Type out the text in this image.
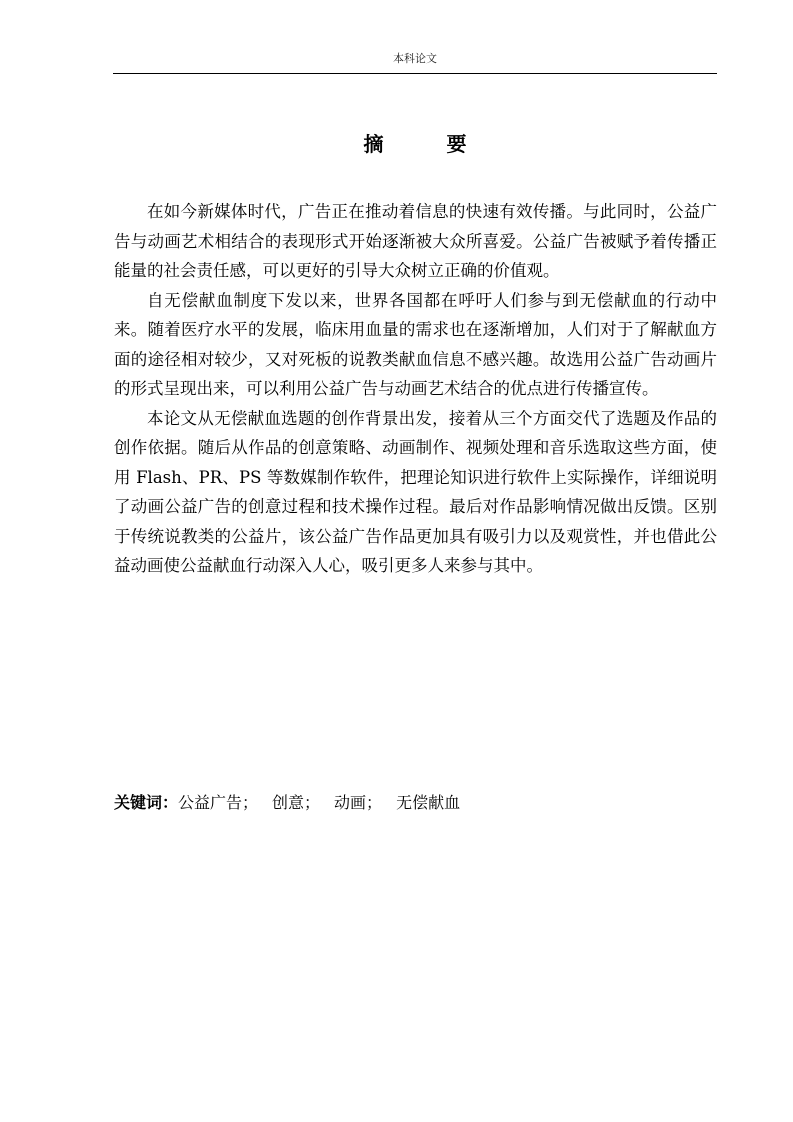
本科论文
摘 要

在如今新媒体时代，广告正在推动着信息的快速有效传播。与此同时，公益广告与动画艺术相结合的表现形式开始逐渐被大众所喜爱。公益广告被赋予着传播正能量的社会责任感，可以更好的引导大众树立正确的价值观。

自无偿献血制度下发以来，世界各国都在呼吁人们参与到无偿献血的行动中来。随着医疗水平的发展，临床用血量的需求也在逐渐增加，人们对于了解献血方面的途径相对较少，又对死板的说教类献血信息不感兴趣。故选用公益广告动画片的形式呈现出来，可以利用公益广告与动画艺术结合的优点进行传播宣传。

本论文从无偿献血选题的创作背景出发，接着从三个方面交代了选题及作品的创作依据。随后从作品的创意策略、动画制作、视频处理和音乐选取这些方面，使用 Flash、PR、PS 等数媒制作软件，把理论知识进行软件上实际操作，详细说明了动画公益广告的创意过程和技术操作过程。最后对作品影响情况做出反馈。区别于传统说教类的公益片，该公益广告作品更加具有吸引力以及观赏性，并也借此公益动画使公益献血行动深入人心，吸引更多人来参与其中。

关键词：公益广告； 创意； 动画； 无偿献血
